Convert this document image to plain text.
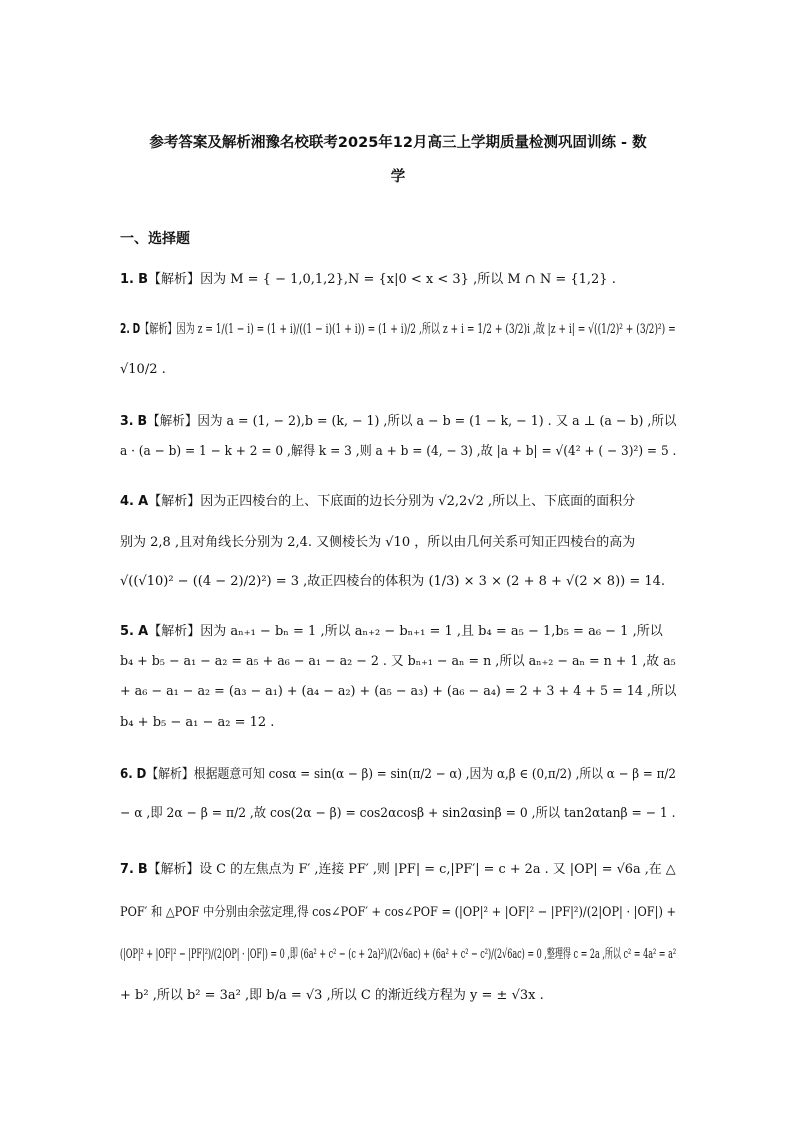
参考答案及解析湘豫名校联考2025年12月高三上学期质量检测巩固训练 - 数
学
一、选择题
1. B【解析】因为 M = { − 1,0,1,2},N = {x|0 < x < 3} ,所以 M ∩ N = {1,2} .
2. D【解析】因为 z = 1/(1 − i) = (1 + i)/((1 − i)(1 + i)) = (1 + i)/2 ,所以 z + i = 1/2 + (3/2)i ,故 |z + i| = √((1/2)² + (3/2)²) =
√10/2 .
3. B【解析】因为 a = (1, − 2),b = (k, − 1) ,所以 a − b = (1 − k, − 1) . 又 a ⊥ (a − b) ,所以
a · (a − b) = 1 − k + 2 = 0 ,解得 k = 3 ,则 a + b = (4, − 3) ,故 |a + b| = √(4² + ( − 3)²) = 5 .
4. A【解析】因为正四棱台的上、下底面的边长分别为 √2,2√2 ,所以上、下底面的面积分
别为 2,8 ,且对角线长分别为 2,4. 又侧棱长为 √10 ，所以由几何关系可知正四棱台的高为
√((√10)² − ((4 − 2)/2)²) = 3 ,故正四棱台的体积为 (1/3) × 3 × (2 + 8 + √(2 × 8)) = 14.
5. A【解析】因为 aₙ₊₁ − bₙ = 1 ,所以 aₙ₊₂ − bₙ₊₁ = 1 ,且 b₄ = a₅ − 1,b₅ = a₆ − 1 ,所以
b₄ + b₅ − a₁ − a₂ = a₅ + a₆ − a₁ − a₂ − 2 . 又 bₙ₊₁ − aₙ = n ,所以 aₙ₊₂ − aₙ = n + 1 ,故 a₅
+ a₆ − a₁ − a₂ = (a₃ − a₁) + (a₄ − a₂) + (a₅ − a₃) + (a₆ − a₄) = 2 + 3 + 4 + 5 = 14 ,所以
b₄ + b₅ − a₁ − a₂ = 12 .
6. D【解析】根据题意可知 cosα = sin(α − β) = sin(π/2 − α) ,因为 α,β ∈ (0,π/2) ,所以 α − β = π/2
− α ,即 2α − β = π/2 ,故 cos(2α − β) = cos2αcosβ + sin2αsinβ = 0 ,所以 tan2αtanβ = − 1 .
7. B【解析】设 C 的左焦点为 F′ ,连接 PF′ ,则 |PF| = c,|PF′| = c + 2a . 又 |OP| = √6a ,在 △
POF′ 和 △POF 中分别由余弦定理,得 cos∠POF′ + cos∠POF = (|OP|² + |OF|² − |PF|²)/(2|OP| · |OF|) +
(|OP|² + |OF|² − |PF|²)/(2|OP| · |OF|) = 0 ,即 (6a² + c² − (c + 2a)²)/(2√6ac) + (6a² + c² − c²)/(2√6ac) = 0 ,整理得 c = 2a ,所以 c² = 4a² = a²
+ b² ,所以 b² = 3a² ,即 b/a = √3 ,所以 C 的渐近线方程为 y = ± √3x .
